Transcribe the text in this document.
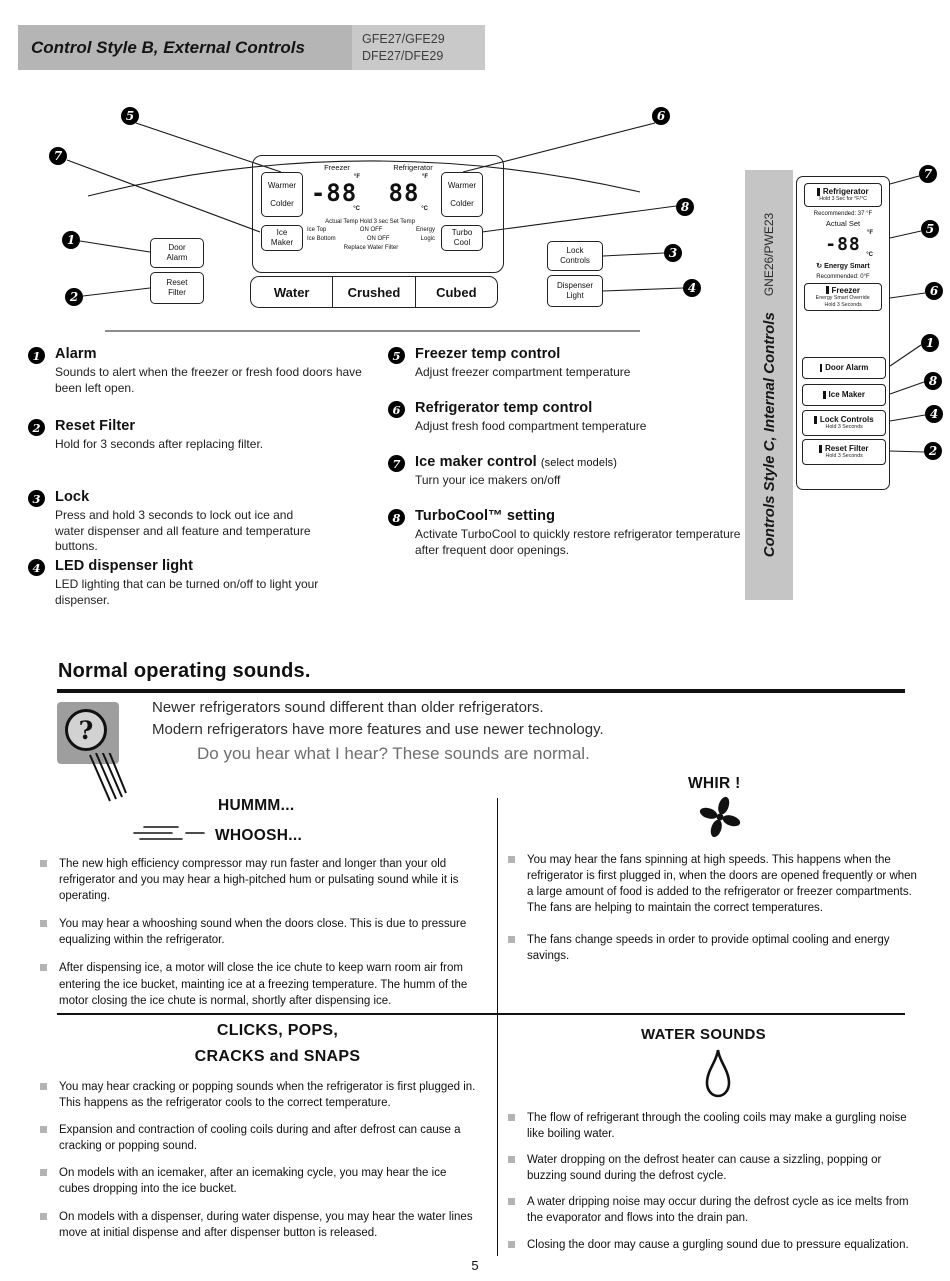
Control Style B, External Controls	GFE27/GFE29
DFE27/DFE29
Freezer	Refrigerator
Warmer
Colder -88
°F
°C
88
°F
°C
Warmer
Colder
Actual Temp Hold 3 sec Set Temp
Ice Maker
Ice Top	ON OFF	Energy
Ice Bottom	ON OFF	Logic
Replace Water Filter
Turbo Cool
Water	Crushed	Cubed
Door Alarm
Reset Filter
Lock Controls
Dispenser Light
5	6
7
8
1
3
2
4
Controls Style C, Internal Controls
GNE26/PWE23
Refrigerator
Hold 3 Sec for °F/°C
Recommended: 37 °F
Actual Set
-88
°F
°C
↻ Energy Smart
Recommended: 0°F
Freezer
Energy Smart Override
Hold 3 Seconds
Door Alarm
Ice Maker
Lock Controls
Hold 3 Seconds
Reset Filter
Hold 3 Seconds
7
5
6
1
8
4
2
1	Alarm

Sounds to alert when the freezer or fresh food doors have been left open.

2	Reset Filter

Hold for 3 seconds after replacing filter.

3	Lock

Press and hold 3 seconds to lock out ice and water dispenser and all feature and temperature buttons.

4	LED dispenser light

LED lighting that can be turned on/off to light your dispenser.

5	Freezer temp control

Adjust freezer compartment temperature

6	Refrigerator temp control

Adjust fresh food compartment temperature

7	Ice maker control (select models)

Turn your ice makers on/off

8	TurboCool™ setting

Activate TurboCool to quickly restore refrigerator temperature after frequent door openings.

Normal operating sounds.
?
Newer refrigerators sound different than older refrigerators.
Modern refrigerators have more features and use newer technology.
Do you hear what I hear? These sounds are normal.
WHIR !
HUMMM...
WHOOSH...
The new high efficiency compressor may run faster and longer than your old refrigerator and you may hear a high-pitched hum or pulsating sound while it is operating.
You may hear a whooshing sound when the doors close. This is due to pressure equalizing within the refrigerator.
After dispensing ice, a motor will close the ice chute to keep warn room air from entering the ice bucket, mainting ice at a freezing temperature. The humm of the motor closing the ice chute is normal, shortly after dispensing ice.
You may hear the fans spinning at high speeds. This happens when the refrigerator is first plugged in, when the doors are opened frequently or when a large amount of food is added to the refrigerator or freezer compartments. The fans are helping to maintain the correct temperatures.
The fans change speeds in order to provide optimal cooling and energy savings.
CLICKS, POPS,
CRACKS and SNAPS
WATER SOUNDS
You may hear cracking or popping sounds when the refrigerator is first plugged in. This happens as the refrigerator cools to the correct temperature.
Expansion and contraction of cooling coils during and after defrost can cause a cracking or popping sound.
On models with an icemaker, after an icemaking cycle, you may hear the ice cubes dropping into the ice bucket.
On models with a dispenser, during water dispense, you may hear the water lines move at initial dispense and after dispenser button is released.
The flow of refrigerant through the cooling coils may make a gurgling noise like boiling water.
Water dropping on the defrost heater can cause a sizzling, popping or buzzing sound during the defrost cycle.
A water dripping noise may occur during the defrost cycle as ice melts from the evaporator and flows into the drain pan.
Closing the door may cause a gurgling sound due to pressure equalization.
5
